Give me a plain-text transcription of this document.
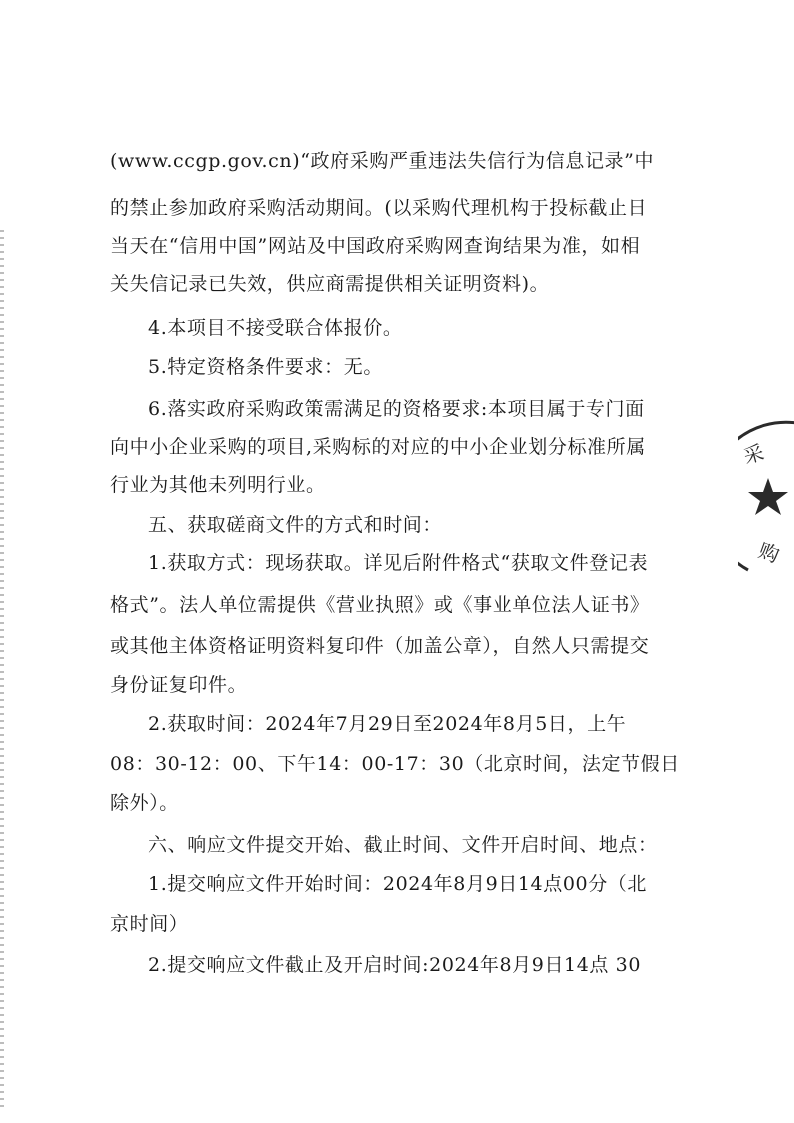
(www.ccgp.gov.cn)“政府采购严重违法失信行为信息记录”中
的禁止参加政府采购活动期间。(以采购代理机构于投标截止日
当天在“信用中国”网站及中国政府采购网查询结果为准，如相
关失信记录已失效，供应商需提供相关证明资料)。
4.本项目不接受联合体报价。
5.特定资格条件要求：无。
6.落实政府采购政策需满足的资格要求:本项目属于专门面
向中小企业采购的项目,采购标的对应的中小企业划分标准所属
行业为其他未列明行业。
五、获取磋商文件的方式和时间：
1.获取方式：现场获取。详见后附件格式“获取文件登记表
格式”。法人单位需提供《营业执照》或《事业单位法人证书》
或其他主体资格证明资料复印件（加盖公章），自然人只需提交
身份证复印件。
2.获取时间：2024年7月29日至2024年8月5日，上午
08：30-12：00、下午14：00-17：30（北京时间，法定节假日
除外）。
六、响应文件提交开始、截止时间、文件开启时间、地点：
1.提交响应文件开始时间：2024年8月9日14点00分（北
京时间）
2.提交响应文件截止及开启时间:2024年8月9日14点 30
采
购
